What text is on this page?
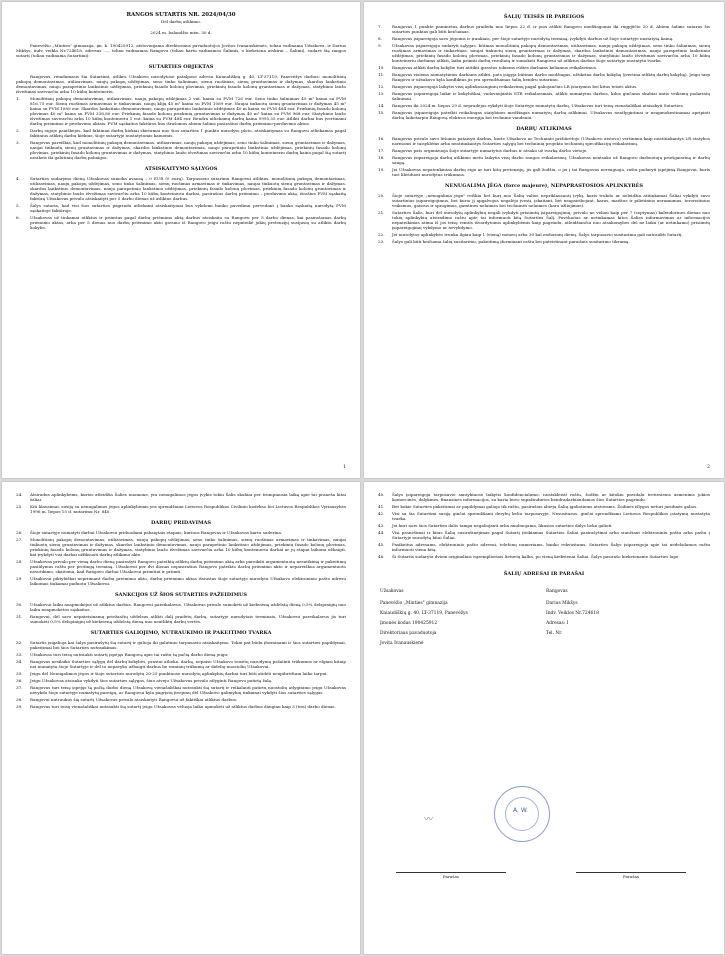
RANGOS SUTARTIS NR. 2024/04/30
Dėl darbų atlikimo.
2024 m. balandžio mėn. 30 d.

Panevėžio „Minties" gimnazija, įm. k. 190425912, atstovaujama direktoriaus pavaduotojos Jovitos Ivanauskienės, toliau vadinama Užsakovu, ir Darius Mikšys, indv. veikla Nr.724618, adresas ...., toliau vadinamas Rangovu (toliau kartu vadinamos Šalimis, o kiekviena atskirai – Šalimi), sudarė šią rangos sutartį (toliau vadinama Sutartimi):

SUTARTIES OBJEKTAS

Rangovas, remdamasis šia Sutartimi, atlikra Užsakovo nurodytose patalpose adresu Kniaudiškių g. 40, LT-37119, Panevėžys darbus: monolitinių pakopų demontavimas, utilizavimas, naujų pakopų uždėjimas, seno tinko šalinimas, sienų ruošimas, sienų gruntavimas ir dažymas, skardos lankstinio demontavimas, naujo parapetinio lankstinio uždėjimas, priekinių fasado kolonų plovimas, priekinių fasado kolonų gruntavimas ir dažymas, statybinio laužo išvežimas savivarčiu arba 10 kūbų konteineriu.

1.	Monolitinių pakopų demontavimas, utilizavimas, naujų pakopų uždėjimas 2 vnt. kaina su PVM 726 eur. Seno tinko šalinimas 45 m² kaina su PVM 816,75 eur. Sienų ruošimas armavimas ir tinkavimas, naujų klijų 45 m² kaina su PVM 1089 eur. Naujai tinkuotų sienų gruntavimas ir dažymas 45 m² kaina su PVM 1089 eur. Skardos lankstinio demontavimas, naujo parapetinio lankstinio uždėjimas 40 m kaina su PVM 484 eur. Priekinių fasado kolonų plovimas 40 m² kaina su PVM 338,80 eur. Priekinių fasado kolonų priekinių gruntavimas ir dažymas 40 m² kaina su PVM 968 eur. Statybinio laužo išvežimas savivarčiu arba 10 kūbų konteineriu 1 vnt. kaina su PVM 484 eur. Bendra atliekamų darbų kaina 5995,55 eur. Atlikti darbai bus įvertinami darbų priėmimo ir perdavimo aktais. PVM sąskaitos faktūros bus išrašomos abiem šalims pasirašius darbų priėmimo-perdavimo aktus.
2.	Darbų eigoje paaiškėjus, kad faktiniai darbų kiekiai skirtumai nuo šios sutarties 1 punkto nurodyto ploto, atsiskaitymas su Rangovu atliekamas pagal faktinius atliktų darbų kiekius, šioje sutartyje nustatytomis kainomis.
3.	Rangovas pareiškia, kad monolitinių pakopų demontavimas, utilizavimas, naujų pakopų uždėjimas, seno tinko šalinimas, sienų gruntavimas ir dažymas, naujai tinkuotų sienų gruntavimas ir dažymas, skardos lankstinio demontavimas, naujo parapetinio lankstinio uždėjimas, priekinių fasado kolonų plovimas, priekinių fasado kolonų gruntavimas ir dažymas, statybinio laužo išvežimas savivarčiu arba 10 kūbų konteineriu darbų kaina pagal šią sutartį nesikeis iki galutinių darbų pabaigos.
ATSISKAITYMO SĄLYGOS
4.	Sutarties sudarymo dieną Užsakovas sumoka avansą – 0 EUR (0 eurų). Tarpusavio sutarimu Rangovui atliktas, monolitinių pakopų demontavimas, utilizavimas, naujų pakopų uždėjimas, seno tinko šalinimas, sienų ruošimas armavimas ir tinkavimas, naujai tinkuotų sienų gruntavimas ir dažymas, skardos lankstinio demontavimas, naujo parapetinio lankstinio uždėjimas, priekinių fasado kolonų plovimas, priekinių fasado kolonų gruntavimas ir dažymas, statybinio laužo išvežimas savivarčiu arba 10 kūbų konteineriu darbai, pasirašius darbų priėmimo – perdavimo aktą, išrašius PVM sąskaitą faktūrą Užsakovas privalo atsiskaityti per 5 darbo dienas už atliktus darbus.
5.	Šalys sutaria, kad visi šios sutarties pagrindu atliekami atsiskaitymai bus vykdomi banko pavedimu pervedant į banko sąskaitą nurodytą PVM sąskaitoje faktūroje.
6.	Užsakovas už tinkamai atliktus ir priimtus pagal darbų priėmimo aktą darbus atsiskaito su Rangovu per 5 darbo dienas, kai pasirašomas darbų priėmimo aktas, arba per 5 dienas nuo darbų priėmimo akto gavimo iš Rangovo jeigu raštu nepateikė jokių pretenzijų susijusių su atliktu darbų kokybe.
1
ŠALIŲ TEISĖS IR PAREIGOS
7.	Rangovas 1 punkte paminėtus darbus pradeda nuo liepos 22 d. ir juos atlikti Rangovo medžiagomis iki rugpjūčio 20 d. Abiem šalims sutarus šis sutarties punktas gali būti keičiamas.
8.	Rangovas įsipareigoja savo jėgomis ir įrankiais, per šioje sutartyje nurodytą terminą, įvykdyti darbus už šioje sutartyje nustatytą kainą.
9.	Užsakovas įsipareigoja sudaryti sąlygas, būtinas monolitinių pakopų demontavimas, utilizavimas, naujų pakopų uždėjimas, seno tinko šalinimas, sienų ruošimas armavimas ir tinkavimas, naujai tinkuotų sienų gruntavimas ir dažymas, skardos lankstinio demontavimas, naujo parapetinio lankstinio uždėjimas, priekinių fasado kolonų plovimas, priekinių fasado kolonų gruntavimas ir dažymas, statybinio laužo išvežimas savivarčiu arba 10 kūbų konteineriu darbams atlikti, laiku priimti darbų rezultatą ir sumokėti Rangovui už atliktus darbus šioje sutartyje nustatyta tvarka.
10.	Rangovas atlikti darbų kokybe turi atitikti įprastus tokiems rūšies darbams keliamus reikalavimus.
11.	Rangovas visiems numatytiems darbams atlikti, pats įsigyja būtinas darbo medžiagas, užtikrina darbo kokybę (įvertina atliktų darbų kokybę). Jeigu tarp Rangovo ir užsakovo kyla konfliktas jis yra sprendžiamas šalių bendru sutarimu.
12.	Rangovas įsipareigoja laikytis visų aplinkosauginių reikalavimų pagal galiojančius LR įstatymus bei kitus teisės aktus.
13.	Rangovas įsipareigoja laikir ir kokybiškai, vadovaujantis STR reikalavimais, atlikti numatytus darbus, kilus ginčams skubiai imtis veiksmų padarinių šalinimui.
14.	Rangovas iki 2024 m. liepos 29 d. nepradėjus vykdyti šioje Sutartyje numatytų darbų, Užsakovas turi teisę vienašališkai atsisakyti Sutarties.
15.	Rangovas įsipareigoja pateikti reikalingas statybines medžiagas numatytų darbų atlikimui. Užsakovas neatlygintinai ir neapmokestinamai apripinti darbų laikotarpiu Rangovą elektros energija bei technine vandeniu.
DARBŲ ATLIKIMAS
16.	Rangovas privalo savo lėšomis pataisyti darbus, kurie Užsakovo ar Techninio prižiūrėtojo (Užsakovo atstovo) vertinimu kaip neatitinkantys LR statybos normoms ir taisyklėms arba neatitinkantys Sutarties sąlygų bei techninių projekto techninių specifikacijų reikalavimų.
17.	Rangovas pats organizuoja šioje sutartyje numatytus darbus ir atsako už tvarką darbo vietoje.
18.	Rangovas įsipareigoja darbų atlikimo metu laikytis visų darbo saugos reikalavimų, Užsakovas neatsako už Rangovo darbuotojų priešgaisrinę ir darbų saugą.
19.	Jei Užsakovas nepatenkintas darbų eiga ar turi kitų pretenzijų, jis gali žodžiu, o jei į tai Rangovas nereaguoja, raštu padaryti įspėjimą Rangovui, kuris turi likviduoti nurodytus trūkumus.
NENUGALIMA JĖGA (force majeure), NEPAPRASTOSIOS APLINKYBĖS
20.	Šioje sutartyje „nenugalima jėga" reiškia bet kurį nuo Šalių valios nepriklausantį įvykį, kuris trukdo ar neleidžia atitinkamai Šaliai vykdyti savo sutartinius įsipareigojimus, bet kurio jį apgalvojus negalėjo įvesti, įskaitant, bet neapsiribojant, karus, maištus ir pilietinius neramumus, teroristinius veiksmus, gaisrus ir sprogimus, gamtines nelaimes bei techninės nelaimes (karo užliejimus).
21.	Sutarties Šalis, kuri dėl nurodytų aplinkybių negali įvykdyti prisiimtų įsipareigojimų, privalo ne vėliau kaip per 7 (septynias) kalendorines dienas nuo tokių aplinkybių atsiradimo raštu apie tai informuoti kitą Sutarties Šalį. Pavėluotas ar netinkamas kitos Šalies informavimas ar informacijos nepateikimas atima iš jos teisę remtis išvardytomis aplinkybėmis kaip pagrindu, atleidžiančiu nuo atsakomybės dėl ne laiku (ar netinkamo) prisiimtų įsipareigojimų vykdymo ar nevykdymo.
22.	Jei nurodytos aplinkybės trunka ilgiau kaip 1 (vieną) mėnesį arba 30 kal.endorinių dienų, Šalys tarpusavio susitarimu gali nutraukti Sutartį.
23.	Šalys gali būti keičiama šalių susitarimu, pakeitimą įforminant raštu bei patvirtinant paraišais susitarimo tikrumą.
2
24.	Atsiradus aplinkybėms, kurios atleidžia Šalies nuomone, yra nenugalimos jėgos įvykis tokiu Šalis skubiai per trumpiausia laiką apie tai praneša kitai šaliai.
25.	Kiti klausimai, susiję su nenugalimos jėgos aplinkybėmis yra sprendžiami Lietuvos Respublikos Civilinio kodekso bei Lietuvos Respublikos Vyriausybės 1996 m. liepos 15 d. nutarimu Nr. 840.
DARBŲ PRIDAVIMAS
26.	Šioje sutartyje numatyti darbai Užsakovui priduodami pabaigtais etapais, kuriuos Rangovas ir Užsakovas kartu suderina.
27.	Monolitinių pakopų demontavimas, utilizavimas, naujų pakopų uždėjimas, seno tinko šalinimas, sienų ruošimas armavimas ir tinkavimas, naujai tinkuotų sienų gruntavimas ir dažymas, skardos lankstinio demontavimas, naujo parapetinio lankstinio uždėjimas, priekinių fasado kolonų plovimas, priekinių fasado kolonų gruntavimas ir dažymas, statybinio laužo išvežimas savivarčiu arba 10 kūbų konteineriu darbai ar jų etapai laikomi užbaigti, kai įvykdyti visi darbai užfiksuoti darbų atlikimo akte.
28.	Užsakovas privalo per vieną darbo dieną pasirašyti Rangovo pateiktą atliktų darbų priėmimo aktą arba pareikšti argumentuotą nesutikimą ir pakeitimų pasiūlymus raštu per protingą terminą. Užsakovui per dvi dienas nepasirašius Rangovo pateikto darbų priėmimo akto ir nepareiškus argumentuoto nesutikimo, skaitoma, kad Rangovo darbai Užsakovui priimtini ir priimti.
29.	Užsakovui piktybiškai nepriimant darbų priėmimo akto, darbų priėmimo aktas išsiustas šioje sutartyje nurodytu Užsakovo elektroninio pašto adresu laikomas tinkamai paduotu Užsakovui.
SANKCIJOS UŽ ŠIOS SUTARTIES PAŽEIDIMUS
30.	Užsakovui laiku neapmokėjus už atliktus darbus, Rangovui pareikalavus, Užsakovas privalo sumokėti už kiekvieną uždelstą dieną 0,5% delspinigių nuo laiku neapmokėtos sąskaitos.
31.	Rangovui, dėl savo nepateisinamų priežasčių uždelsus atlikti dalį pradėtų darbų, sutartyje nurodytais terminais, Užsakovui pareikalavus jis turi sumokėti 0,5% delspinigių už kiekvieną uždelstą dieną nuo neatliktų darbų vertės.
SUTARTIES GALIOJIMO, NUTRAUKIMO IR PAKEITIMO TVARKA
32.	Sutartis įsigalioja kai šalys pasirašytų šią sutartį ir galioja iki galutinio tarpusavio atsiskaitymo. Tokiu pat būdu įforminami ir šios sutarties papildymai, pakeitimai bei šios Sutarties nutraukimas.
33.	Užsakovas turi teisę nutraukti sutartį įspėjęs Rangovą apie tai raštu tą pačią darbo dieną jeigu:
34.	Rangovas nesilaiko Sutarties sąlygų dėl darbų kokybės, prastai atlieka. darbą, nepaiso Užsakovo teisėtų nurodymų pašalinti trūkumus ar elgiasi kitaip nei numatyta šioje Sutartyje ir dėl to nepavyko užbaigti darbus be esminių trūkumų ar didelių nuostolių Užsakovui.
35.	Jeigu dėl Nenugalimos jėgos ir šioje sutarties nurodytų 20-25 punktuose nurodytų aplinkybių darbai turi būti atidėti neapibrėžtam laiko tarpui.
36.	Jeigu Užsakovas atsisako vykdyti šios sutarties sąlygas, šiuo atveju Užsakovas privalo atlyginti Rangovo patirtą žalą.
37.	Rangovas turi teisę įspėjęs tą pačią darbo dieną Užsakovą vienašališkai nutraukti šią sutartį ir reikalauti patirtų nuostolių atlyginimo jeigu Užsakovas nevykdo šioje sutartyje numatytų pareigų, ar Rangovui kyla pagrįstų įtvejimų dėl Užsakovo galimybių tinkamai vykdyti šios sutarties sąlygas.
38.	Rangovui nutraukus šią sutartį Užsakovas privalo atsiskaityti Rangovui už faktiškai atliktus darbus.
39.	Rangovas turi teisę vienašališkai nutraukti šią sutartį jeigu Užsakovas vėluoja laiku apmokėti už atliktus darbus daugiau kaip 3 (tris) darbo dienas.
40.	Šalys įsipareigoja tarpusavio santykiuose laikytis konfidencialumo: neatskleisti raštu, žodžiu ar kitokiu pavidalu tretiesiems asmenims jokios komercinės, dalykinės, finansinės informacijos, su kuria buvo supažindintos bendradarbiaudamos šios Sutarties pagrindu.
41.	Bet kokie Sutarties pakeitimai ar papildymai galioja tik raštu, pasirašius abiejų Šalių įgaliotiems atstovams. Žodinės išlygos neturi juridinės galios.
42.	Visi su šia Sutartimi susiję ginčai sprendžiami derybų keliu tarpusavyje. Nesusitarus, ginčai sprendžiami Lietuvos Respublikos įstatymų nustatyta tvarka.
43.	Jei kuri nors šios Sutarties dalis tampa negaliojanti arba anuliuojama, likusios sutarties dalys lieka galioti.
44.	Visi pranešimai ir kitas Šalių susirašinėjimas pagal Sutartį įteikiamas Sutarties Šaliai pasirašytinai arba siunčiant elektroniniu paštu arba paštu į Sutartyje nurodytą kitai Šaliai.
45.	Pasikeitus adresams, elektroninio pašto adresui, telefonų numeriams, banko rekvizitams, Sutarties Šalys įsipareigoja apie tai nedelsdamos raštu informuoti viena kitą.
46.	Ši Sutartis sudaryta dviem originaliais egzemplioriais lietuvių kalba, po vieną kiekvienai Šaliai. Šalys pasirašo kiekviename Sutarties lape.
ŠALIŲ ADRESAI IR PARAŠAI
Užsakovas
Panevėžio „Minties" gimnazija
Kniaudiškių g. 40, LT-37119, Panevėžys
Įmonės kodas 190425912
Direktoriaus pavaduotoja
Jovita Ivanauskienė

Rangovas
Darius Mikšys
Indv. Veiklos Nr.724618
Adresas: I
Tel. Nr.
A. W.
〰
Parašas	Parašas
